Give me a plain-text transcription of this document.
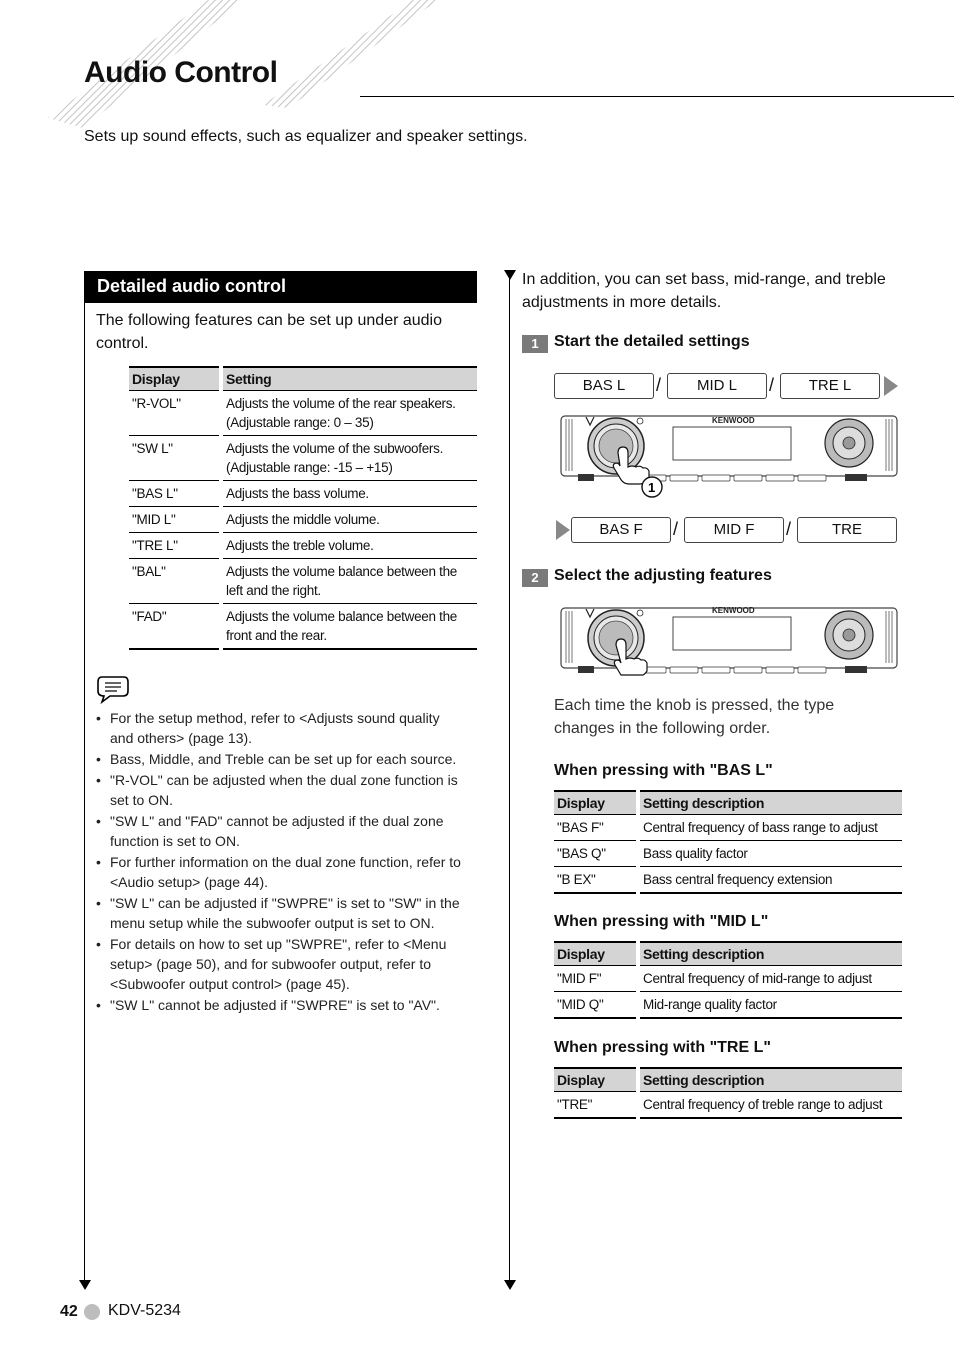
Audio Control
Sets up sound effects, such as equalizer and speaker settings.
Detailed audio control
The following features can be set up under audio control.
Display		Setting
"R-VOL"		Adjusts the volume of the rear speakers. (Adjustable range: 0 – 35)
"SW L"		Adjusts the volume of the subwoofers. (Adjustable range: -15 – +15)
"BAS L"		Adjusts the bass volume.
"MID L"		Adjusts the middle volume.
"TRE L"		Adjusts the treble volume.
"BAL"		Adjusts the volume balance between the left and the right.
"FAD"		Adjusts the volume balance between the front and the rear.
• For the setup method, refer to <Adjusts sound quality and others> (page 13).
• Bass, Middle, and Treble can be set up for each source.
• "R-VOL" can be adjusted when the dual zone function is set to ON.
• "SW L" and "FAD" cannot be adjusted if the dual zone function is set to ON.
• For further information on the dual zone function, refer to <Audio setup> (page 44).
• "SW L" can be adjusted if "SWPRE" is set to "SW" in the menu setup while the subwoofer output is set to ON.
• For details on how to set up "SWPRE", refer to <Menu setup> (page 50), and for subwoofer output, refer to <Subwoofer output control> (page 45).
• "SW L" cannot be adjusted if "SWPRE" is set to "AV".
42 KDV-5234
In addition, you can set bass, mid-range, and treble adjustments in more details.
1 Start the detailed settings
BAS L	/	MID L	/	TRE L
KENWOOD
1
BAS F	/	MID F	/	TRE
2 Select the adjusting features
KENWOOD
Each time the knob is pressed, the type changes in the following order.
When pressing with "BAS L"
Display		Setting description
"BAS F"		Central frequency of bass range to adjust
"BAS Q"		Bass quality factor
"B EX"		Bass central frequency extension
When pressing with "MID L"
Display		Setting description
"MID F"		Central frequency of mid-range to adjust
"MID Q"		Mid-range quality factor
When pressing with "TRE L"
Display		Setting description
"TRE"		Central frequency of treble range to adjust
